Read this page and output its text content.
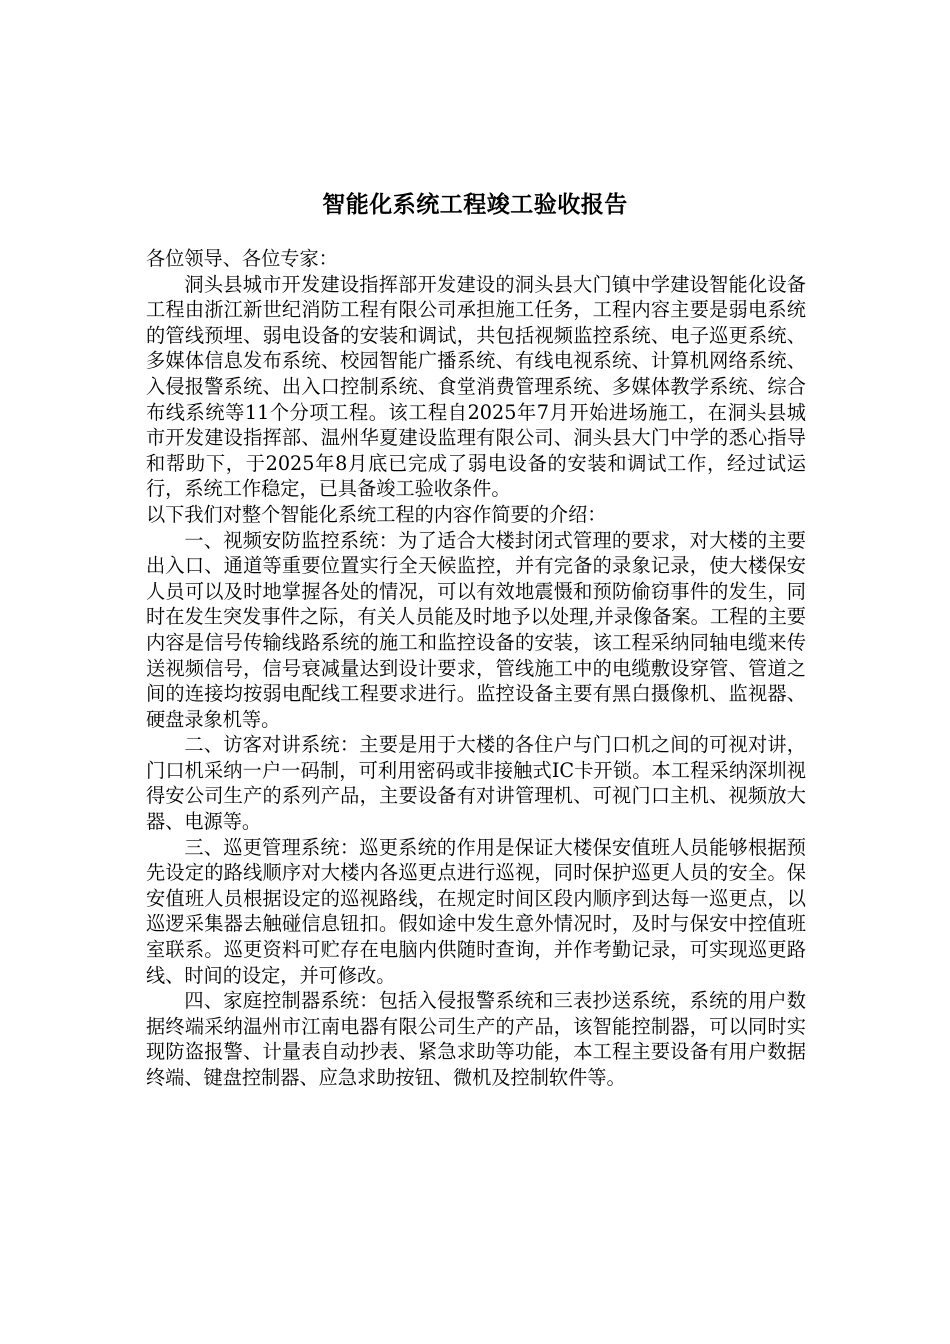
智能化系统工程竣工验收报告

各位领导、各位专家：

洞头县城市开发建设指挥部开发建设的洞头县大门镇中学建设智能化设备工程由浙江新世纪消防工程有限公司承担施工任务，工程内容主要是弱电系统的管线预埋、弱电设备的安装和调试，共包括视频监控系统、电子巡更系统、多媒体信息发布系统、校园智能广播系统、有线电视系统、计算机网络系统、入侵报警系统、出入口控制系统、食堂消费管理系统、多媒体教学系统、综合布线系统等11个分项工程。该工程自2025年7月开始进场施工，在洞头县城市开发建设指挥部、温州华夏建设监理有限公司、洞头县大门中学的悉心指导和帮助下，于2025年8月底已完成了弱电设备的安装和调试工作，经过试运行，系统工作稳定，已具备竣工验收条件。

以下我们对整个智能化系统工程的内容作简要的介绍：

一、视频安防监控系统：为了适合大楼封闭式管理的要求，对大楼的主要出入口、通道等重要位置实行全天候监控，并有完备的录象记录，使大楼保安人员可以及时地掌握各处的情况，可以有效地震慑和预防偷窃事件的发生，同时在发生突发事件之际，有关人员能及时地予以处理,并录像备案。工程的主要内容是信号传输线路系统的施工和监控设备的安装，该工程采纳同轴电缆来传送视频信号，信号衰减量达到设计要求，管线施工中的电缆敷设穿管、管道之间的连接均按弱电配线工程要求进行。监控设备主要有黑白摄像机、监视器、硬盘录象机等。

二、访客对讲系统：主要是用于大楼的各住户与门口机之间的可视对讲，门口机采纳一户一码制，可利用密码或非接触式IC卡开锁。本工程采纳深圳视得安公司生产的系列产品，主要设备有对讲管理机、可视门口主机、视频放大器、电源等。

三、巡更管理系统：巡更系统的作用是保证大楼保安值班人员能够根据预先设定的路线顺序对大楼内各巡更点进行巡视，同时保护巡更人员的安全。保安值班人员根据设定的巡视路线，在规定时间区段内顺序到达每一巡更点，以巡逻采集器去触碰信息钮扣。假如途中发生意外情况时，及时与保安中控值班室联系。巡更资料可贮存在电脑内供随时查询，并作考勤记录，可实现巡更路线、时间的设定，并可修改。

四、家庭控制器系统：包括入侵报警系统和三表抄送系统，系统的用户数据终端采纳温州市江南电器有限公司生产的产品，该智能控制器，可以同时实现防盗报警、计量表自动抄表、紧急求助等功能，本工程主要设备有用户数据终端、键盘控制器、应急求助按钮、微机及控制软件等。
